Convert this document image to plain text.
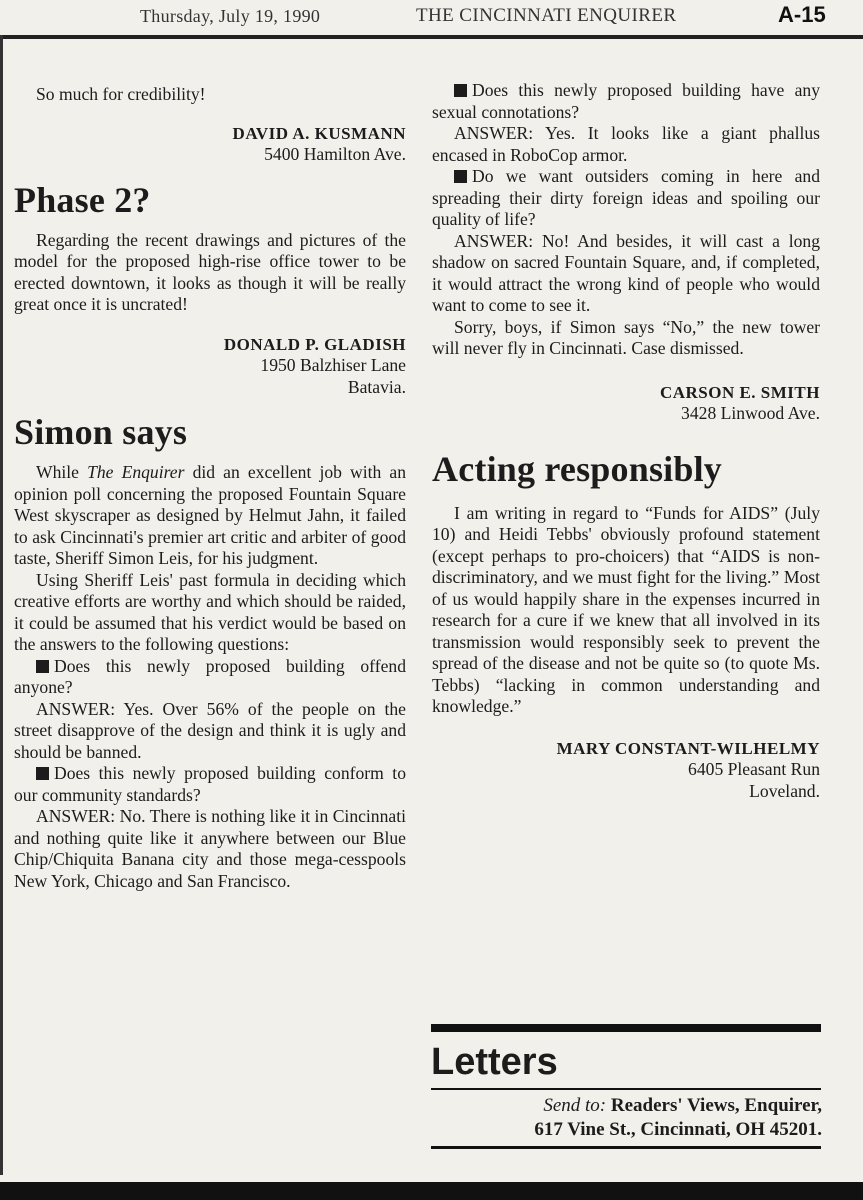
Thursday, July 19, 1990	THE CINCINNATI ENQUIRER	A-15

So much for credibility!

DAVID A. KUSMANN
5400 Hamilton Ave.
Phase 2?

Regarding the recent drawings and pictures of the model for the proposed high-rise office tower to be erected downtown, it looks as though it will be really great once it is uncrated!

DONALD P. GLADISH
1950 Balzhiser Lane
Batavia.
Simon says

While The Enquirer did an excellent job with an opinion poll concerning the proposed Fountain Square West skyscraper as designed by Helmut Jahn, it failed to ask Cincinnati's premier art critic and arbiter of good taste, Sheriff Simon Leis, for his judgment.

Using Sheriff Leis' past formula in deciding which creative efforts are worthy and which should be raided, it could be assumed that his verdict would be based on the answers to the following questions:

Does this newly proposed building offend anyone?

ANSWER: Yes. Over 56% of the people on the street disapprove of the design and think it is ugly and should be banned.

Does this newly proposed building conform to our community standards?

ANSWER: No. There is nothing like it in Cincinnati and nothing quite like it anywhere between our Blue Chip/Chiquita Banana city and those mega-cesspools New York, Chicago and San Francisco.

Does this newly proposed building have any sexual connotations?

ANSWER: Yes. It looks like a giant phallus encased in RoboCop armor.

Do we want outsiders coming in here and spreading their dirty foreign ideas and spoiling our quality of life?

ANSWER: No! And besides, it will cast a long shadow on sacred Fountain Square, and, if completed, it would attract the wrong kind of people who would want to come to see it.

Sorry, boys, if Simon says “No,” the new tower will never fly in Cincinnati. Case dismissed.

CARSON E. SMITH
3428 Linwood Ave.
Acting responsibly

I am writing in regard to “Funds for AIDS” (July 10) and Heidi Tebbs' obviously profound statement (except perhaps to pro-choicers) that “AIDS is non-discriminatory, and we must fight for the living.” Most of us would happily share in the expenses incurred in research for a cure if we knew that all involved in its transmission would responsibly seek to prevent the spread of the disease and not be quite so (to quote Ms. Tebbs) “lacking in common understanding and knowledge.”

MARY CONSTANT-WILHELMY
6405 Pleasant Run
Loveland.
Letters
Send to: Readers' Views, Enquirer,
617 Vine St., Cincinnati, OH 45201.
